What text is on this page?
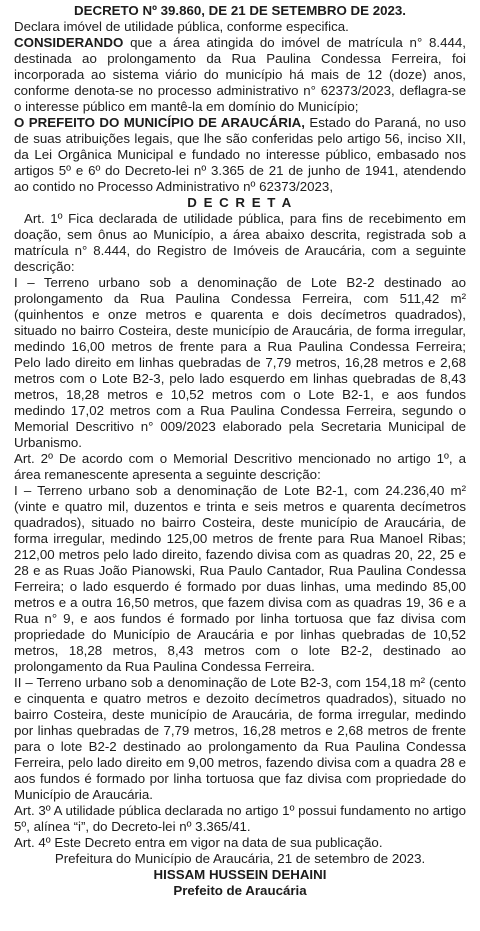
DECRETO Nº 39.860, DE 21 DE SETEMBRO DE 2023.

Declara imóvel de utilidade pública, conforme especifica.

CONSIDERANDO que a área atingida do imóvel de matrícula n° 8.444, destinada ao prolongamento da Rua Paulina Condessa Ferreira, foi incorporada ao sistema viário do município há mais de 12 (doze) anos, conforme denota-se no processo administrativo n° 62373/2023, deflagra-se o interesse público em mantê-la em domínio do Município;

O PREFEITO DO MUNICÍPIO DE ARAUCÁRIA, Estado do Paraná, no uso de suas atribuições legais, que lhe são conferidas pelo artigo 56, inciso XII, da Lei Orgânica Municipal e fundado no interesse público, embasado nos artigos 5º e 6º do Decreto-lei nº 3.365 de 21 de junho de 1941, atendendo ao contido no Processo Administrativo nº 62373/2023,

D E C R E T A

Art. 1º Fica declarada de utilidade pública, para fins de recebimento em doação, sem ônus ao Município, a área abaixo descrita, registrada sob a matrícula n° 8.444, do Registro de Imóveis de Araucária, com a seguinte descrição:

I – Terreno urbano sob a denominação de Lote B2-2 destinado ao prolongamento da Rua Paulina Condessa Ferreira, com 511,42 m² (quinhentos e onze metros e quarenta e dois decímetros quadrados), situado no bairro Costeira, deste município de Araucária, de forma irregular, medindo 16,00 metros de frente para a Rua Paulina Condessa Ferreira; Pelo lado direito em linhas quebradas de 7,79 metros, 16,28 metros e 2,68 metros com o Lote B2-3, pelo lado esquerdo em linhas quebradas de 8,43 metros, 18,28 metros e 10,52 metros com o Lote B2-1, e aos fundos medindo 17,02 metros com a Rua Paulina Condessa Ferreira, segundo o Memorial Descritivo n° 009/2023 elaborado pela Secretaria Municipal de Urbanismo.

Art. 2º De acordo com o Memorial Descritivo mencionado no artigo 1º, a área remanescente apresenta a seguinte descrição:

I – Terreno urbano sob a denominação de Lote B2-1, com 24.236,40 m² (vinte e quatro mil, duzentos e trinta e seis metros e quarenta decímetros quadrados), situado no bairro Costeira, deste município de Araucária, de forma irregular, medindo 125,00 metros de frente para Rua Manoel Ribas; 212,00 metros pelo lado direito, fazendo divisa com as quadras 20, 22, 25 e 28 e as Ruas João Pianowski, Rua Paulo Cantador, Rua Paulina Condessa Ferreira; o lado esquerdo é formado por duas linhas, uma medindo 85,00 metros e a outra 16,50 metros, que fazem divisa com as quadras 19, 36 e a Rua n° 9, e aos fundos é formado por linha tortuosa que faz divisa com propriedade do Município de Araucária e por linhas quebradas de 10,52 metros, 18,28 metros, 8,43 metros com o lote B2-2, destinado ao prolongamento da Rua Paulina Condessa Ferreira.

II – Terreno urbano sob a denominação de Lote B2-3, com 154,18 m² (cento e cinquenta e quatro metros e dezoito decímetros quadrados), situado no bairro Costeira, deste município de Araucária, de forma irregular, medindo por linhas quebradas de 7,79 metros, 16,28 metros e 2,68 metros de frente para o lote B2-2 destinado ao prolongamento da Rua Paulina Condessa Ferreira, pelo lado direito em 9,00 metros, fazendo divisa com a quadra 28 e aos fundos é formado por linha tortuosa que faz divisa com propriedade do Município de Araucária.

Art. 3º A utilidade pública declarada no artigo 1º possui fundamento no artigo 5º, alínea “i”, do Decreto-lei nº 3.365/41.

Art. 4º Este Decreto entra em vigor na data de sua publicação.

Prefeitura do Município de Araucária, 21 de setembro de 2023.

HISSAM HUSSEIN DEHAINI

Prefeito de Araucária
